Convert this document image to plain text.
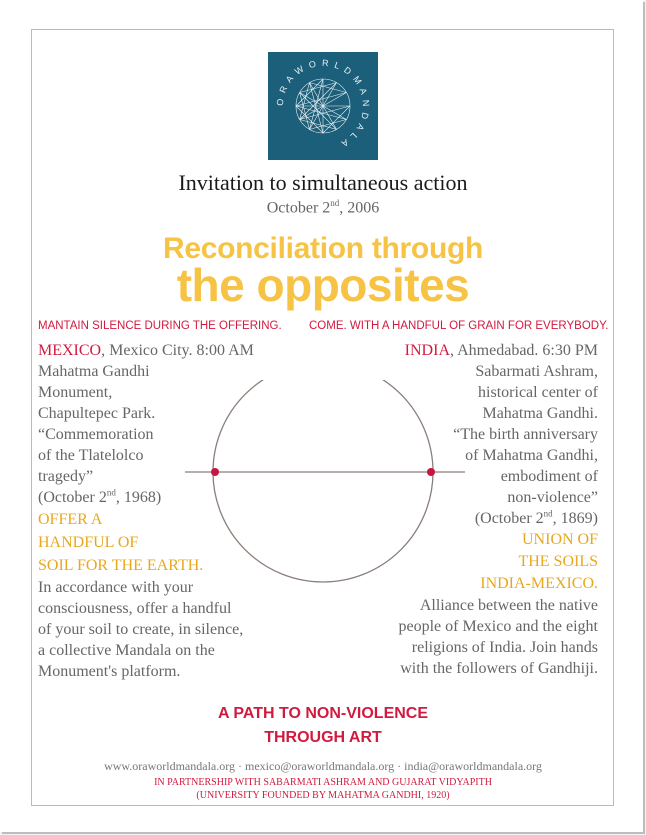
O R A W O R L D M A N D A L A
Invitation to simultaneous action
October 2nd, 2006
Reconciliation through
the opposites
MANTAIN SILENCE DURING THE OFFERING. COME. WITH A HANDFUL OF GRAIN FOR EVERYBODY.
MEXICO, Mexico City. 8:00 AM
Mahatma Gandhi
Monument,
Chapultepec Park.
“Commemoration
of the Tlatelolco
tragedy”
(October 2nd, 1968)
OFFER A
HANDFUL OF
SOIL FOR THE EARTH.
In accordance with your
consciousness, offer a handful
of your soil to create, in silence,
a collective Mandala on the
Monument's platform.
INDIA, Ahmedabad. 6:30 PM
Sabarmati Ashram,
historical center of
Mahatma Gandhi.
“The birth anniversary
of Mahatma Gandhi,
embodiment of
non-violence”
(October 2nd, 1869)
UNION OF
THE SOILS
INDIA-MEXICO.
Alliance between the native
people of Mexico and the eight
religions of India. Join hands
with the followers of Gandhiji.
A PATH TO NON-VIOLENCE
THROUGH ART
www.oraworldmandala.org · mexico@oraworldmandala.org · india@oraworldmandala.org
IN PARTNERSHIP WITH SABARMATI ASHRAM AND GUJARAT VIDYAPITH
(UNIVERSITY FOUNDED BY MAHATMA GANDHI, 1920)
